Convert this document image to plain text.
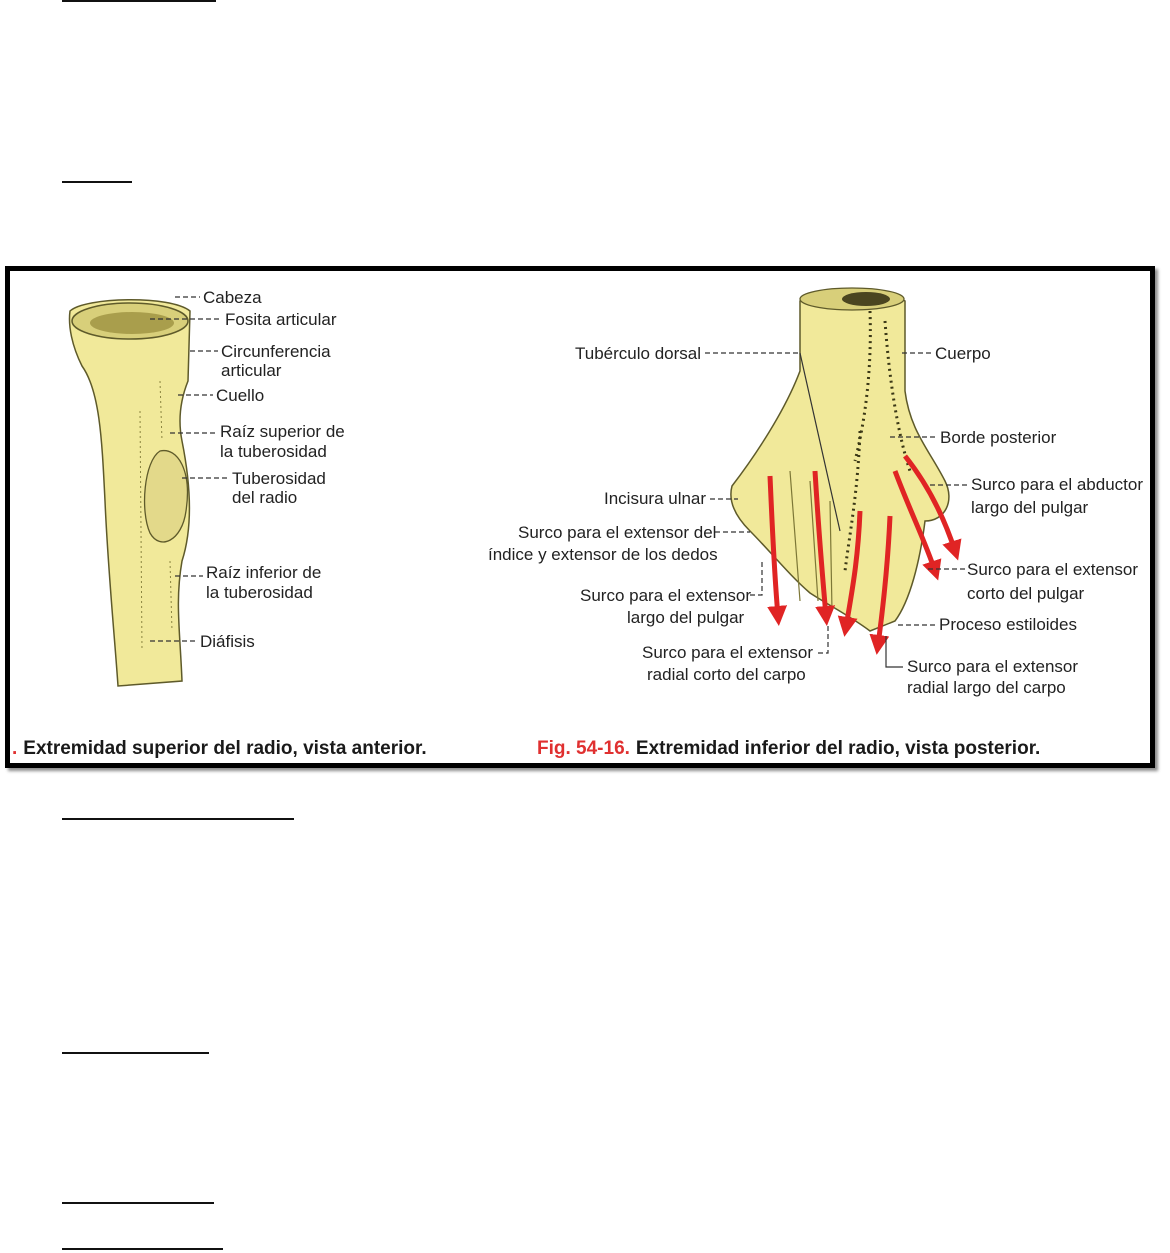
Cabeza
Fosita articular
Circunferencia
articular
Cuello
Raíz superior de
la tuberosidad
Tuberosidad
del radio
Raíz inferior de
la tuberosidad
Diáfisis
. Extremidad superior del radio, vista anterior.
Tubérculo dorsal	Cuerpo
Borde posterior
Surco para el abductor
largo del pulgar
Incisura ulnar
Surco para el extensor del
índice y extensor de los dedos
Surco para el extensor
corto del pulgar
Surco para el extensor
largo del pulgar	Proceso estiloides
Surco para el extensor
radial corto del carpo	Surco para el extensor
radial largo del carpo
Fig. 54-16. Extremidad inferior del radio, vista posterior.
